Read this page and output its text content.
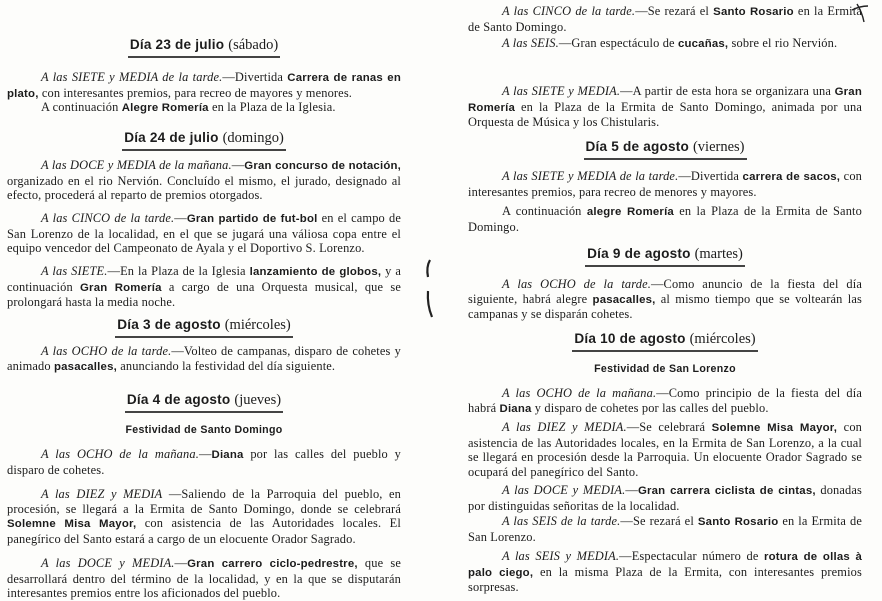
Día 23 de julio (sábado)
A las SIETE y MEDIA de la tarde.—Divertida Carrera de ranas en plato, con interesantes premios, para recreo de mayores y menores.
A continuación Alegre Romería en la Plaza de la Iglesia.
Día 24 de julio (domingo)
A las DOCE y MEDIA de la mañana.—Gran concurso de notación, organizado en el rio Nervión. Concluído el mismo, el jurado, designado al efecto, procederá al reparto de premios otorgados.
A las CINCO de la tarde.—Gran partido de fut-bol en el campo de San Lorenzo de la localidad, en el que se jugará una váliosa copa entre el equipo vencedor del Campeonato de Ayala y el Doportivo S. Lorenzo.
A las SIETE.—En la Plaza de la Iglesia lanzamiento de globos, y a continuación Gran Romería a cargo de una Orquesta musical, que se prolongará hasta la media noche.
Día 3 de agosto (miércoles)
A las OCHO de la tarde.—Volteo de campanas, disparo de cohetes y animado pasacalles, anunciando la festividad del día siguiente.
Día 4 de agosto (jueves)
Festividad de Santo Domingo
A las OCHO de la mañana.—Diana por las calles del pueblo y disparo de cohetes.
A las DIEZ y MEDIA —Saliendo de la Parroquia del pueblo, en procesión, se llegará a la Ermita de Santo Domingo, donde se celebrará Solemne Misa Mayor, con asistencia de las Autoridades locales. El panegírico del Santo estará a cargo de un elocuente Orador Sagrado.
A las DOCE y MEDIA.—Gran carrero ciclo-pedrestre, que se desarrollará dentro del término de la localidad, y en la que se disputarán interesantes premios entre los aficionados del pueblo.
A las CINCO de la tarde.—Se rezará el Santo Rosario en la Ermita de Santo Domingo.
A las SEIS.—Gran espectáculo de cucañas, sobre el rio Nervión.
A las SIETE y MEDIA.—A partir de esta hora se organizara una Gran Romería en la Plaza de la Ermita de Santo Domingo, animada por una Orquesta de Música y los Chistularis.
Día 5 de agosto (viernes)
A las SIETE y MEDIA de la tarde.—Divertida carrera de sacos, con interesantes premios, para recreo de menores y mayores.
A continuación alegre Romería en la Plaza de la Ermita de Santo Domingo.
Día 9 de agosto (martes)
A las OCHO de la tarde.—Como anuncio de la fiesta del día siguiente, habrá alegre pasacalles, al mismo tiempo que se voltearán las campanas y se disparán cohetes.
Día 10 de agosto (miércoles)
Festividad de San Lorenzo
A las OCHO de la mañana.—Como principio de la fiesta del día habrá Diana y disparo de cohetes por las calles del pueblo.
A las DIEZ y MEDIA.—Se celebrará Solemne Misa Mayor, con asistencia de las Autoridades locales, en la Ermita de San Lorenzo, a la cual se llegará en procesión desde la Parroquia. Un elocuente Orador Sagrado se ocupará del panegírico del Santo.
A las DOCE y MEDIA.—Gran carrera ciclista de cintas, donadas por distinguidas señoritas de la localidad.
A las SEIS de la tarde.—Se rezará el Santo Rosario en la Ermita de San Lorenzo.
A las SEIS y MEDIA.—Espectacular número de rotura de ollas à palo ciego, en la misma Plaza de la Ermita, con interesantes premios sorpresas.
